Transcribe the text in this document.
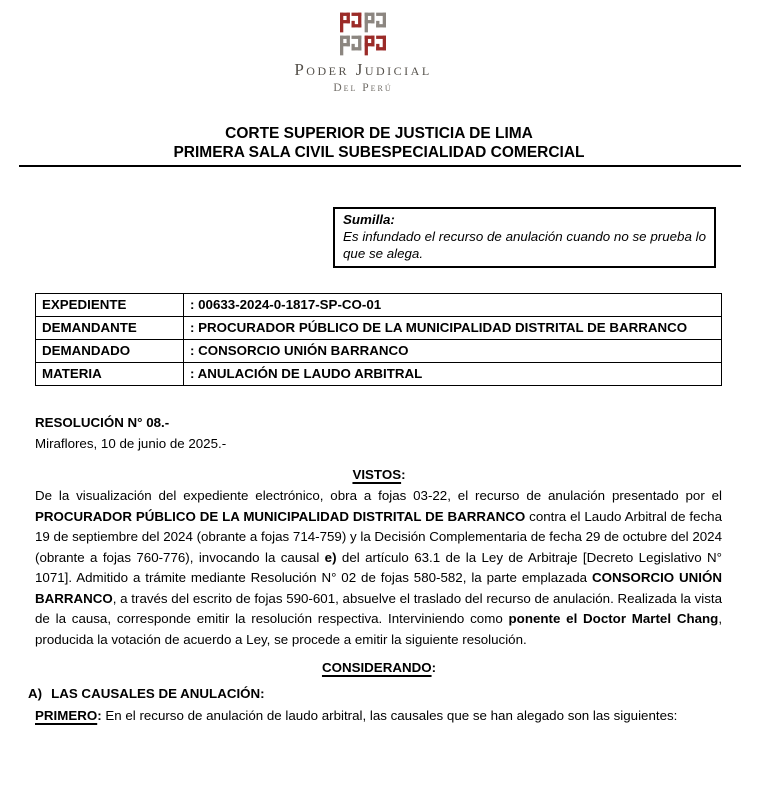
Poder Judicial
Del Perú
CORTE SUPERIOR DE JUSTICIA DE LIMA
PRIMERA SALA CIVIL SUBESPECIALIDAD COMERCIAL
Sumilla:
Es infundado el recurso de anulación cuando no se prueba lo que se alega.
EXPEDIENTE	: 00633-2024-0-1817-SP-CO-01
DEMANDANTE	: PROCURADOR PÚBLICO DE LA MUNICIPALIDAD DISTRITAL DE BARRANCO
DEMANDADO	: CONSORCIO UNIÓN BARRANCO
MATERIA	: ANULACIÓN DE LAUDO ARBITRAL
RESOLUCIÓN N° 08.-
Miraflores, 10 de junio de 2025.-
VISTOS:

De la visualización del expediente electrónico, obra a fojas 03-22, el recurso de anulación presentado por el PROCURADOR PÚBLICO DE LA MUNICIPALIDAD DISTRITAL DE BARRANCO contra el Laudo Arbitral de fecha 19 de septiembre del 2024 (obrante a fojas 714-759) y la Decisión Complementaria de fecha 29 de octubre del 2024 (obrante a fojas 760-776), invocando la causal e) del artículo 63.1 de la Ley de Arbitraje [Decreto Legislativo N° 1071]. Admitido a trámite mediante Resolución N° 02 de fojas 580-582, la parte emplazada CONSORCIO UNIÓN BARRANCO, a través del escrito de fojas 590-601, absuelve el traslado del recurso de anulación. Realizada la vista de la causa, corresponde emitir la resolución respectiva. Interviniendo como ponente el Doctor Martel Chang, producida la votación de acuerdo a Ley, se procede a emitir la siguiente resolución.

CONSIDERANDO:
A) LAS CAUSALES DE ANULACIÓN:

PRIMERO: En el recurso de anulación de laudo arbitral, las causales que se han alegado son las siguientes:
